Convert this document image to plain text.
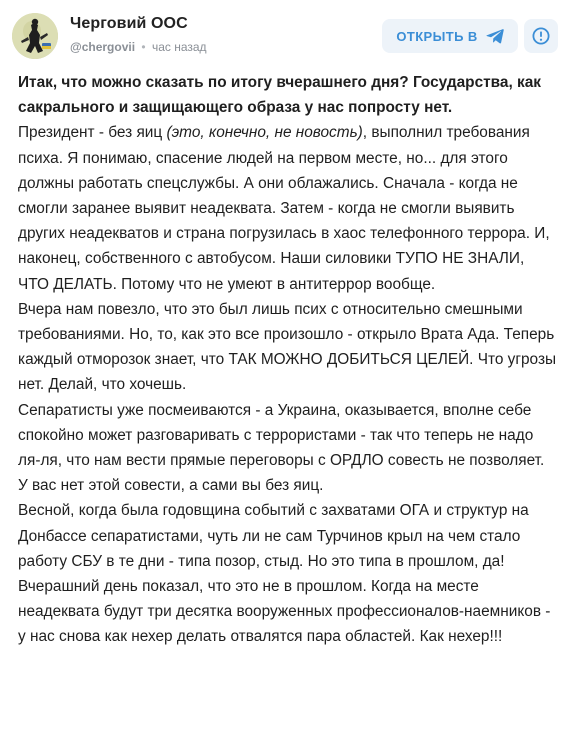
Черговий ООС
@chergovii • час назад
ОТКРЫТЬ В

Итак, что можно сказать по итогу вчерашнего дня? Государства, как сакрального и защищающего образа у нас попросту нет.

Президент - без яиц (это, конечно, не новость), выполнил требования психа. Я понимаю, спасение людей на первом месте, но... для этого должны работать спецслужбы. А они облажались. Сначала - когда не смогли заранее выявит неадеквата. Затем - когда не смогли выявить других неадекватов и страна погрузилась в хаос телефонного террора. И, наконец, собственного с автобусом. Наши силовики ТУПО НЕ ЗНАЛИ, ЧТО ДЕЛАТЬ. Потому что не умеют в антитеррор вообще.

Вчера нам повезло, что это был лишь псих с относительно смешными требованиями. Но, то, как это все произошло - открыло Врата Ада. Теперь каждый отморозок знает, что ТАК МОЖНО ДОБИТЬСЯ ЦЕЛЕЙ. Что угрозы нет. Делай, что хочешь.

Сепаратисты уже посмеиваются - а Украина, оказывается, вполне себе спокойно может разговаривать с террористами - так что теперь не надо ля-ля, что нам вести прямые переговоры с ОРДЛО совесть не позволяет. У вас нет этой совести, а сами вы без яиц.

Весной, когда была годовщина событий с захватами ОГА и структур на Донбассе сепаратистами, чуть ли не сам Турчинов крыл на чем стало работу СБУ в те дни - типа позор, стыд. Но это типа в прошлом, да!

Вчерашний день показал, что это не в прошлом. Когда на месте неадеквата будут три десятка вооруженных профессионалов-наемников - у нас снова как нехер делать отвалятся пара областей. Как нехер!!!
